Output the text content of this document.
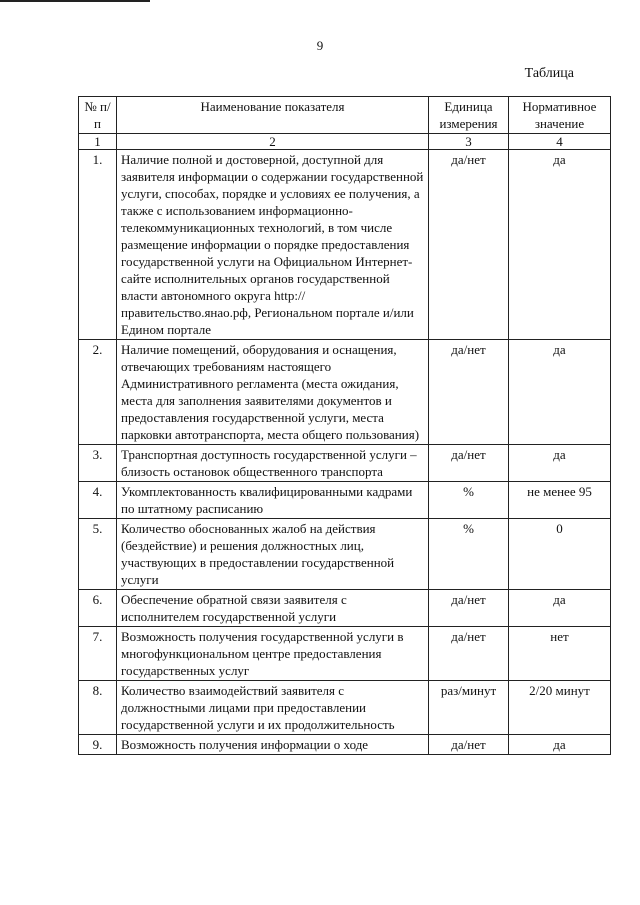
9
Таблица
№ п/п	Наименование показателя	Единица измерения	Нормативное значение
1	2	3	4
1.	Наличие полной и достоверной, доступной для заявителя информации о содержании государственной услуги, способах, порядке и условиях ее получения, а также с использованием информационно-телекоммуникационных технологий, в том числе размещение информации о порядке предоставления государственной услуги на Официальном Интернет-сайте исполнительных органов государственной власти автономного округа http://правительство.янао.рф, Региональном портале и/или Едином портале	да/нет	да
2.	Наличие помещений, оборудования и оснащения, отвечающих требованиям настоящего Административного регламента (места ожидания, места для заполнения заявителями документов и предоставления государственной услуги, места парковки автотранспорта, места общего пользования)	да/нет	да
3.	Транспортная доступность государственной услуги – близость остановок общественного транспорта	да/нет	да
4.	Укомплектованность квалифицированными кадрами по штатному расписанию	%	не менее 95
5.	Количество обоснованных жалоб на действия (бездействие) и решения должностных лиц, участвующих в предоставлении государственной услуги	%	0
6.	Обеспечение обратной связи заявителя с исполнителем государственной услуги	да/нет	да
7.	Возможность получения государственной услуги в многофункциональном центре предоставления государственных услуг	да/нет	нет
8.	Количество взаимодействий заявителя с должностными лицами при предоставлении государственной услуги и их продолжительность	раз/минут	2/20 минут
9.	Возможность получения информации о ходе	да/нет	да
